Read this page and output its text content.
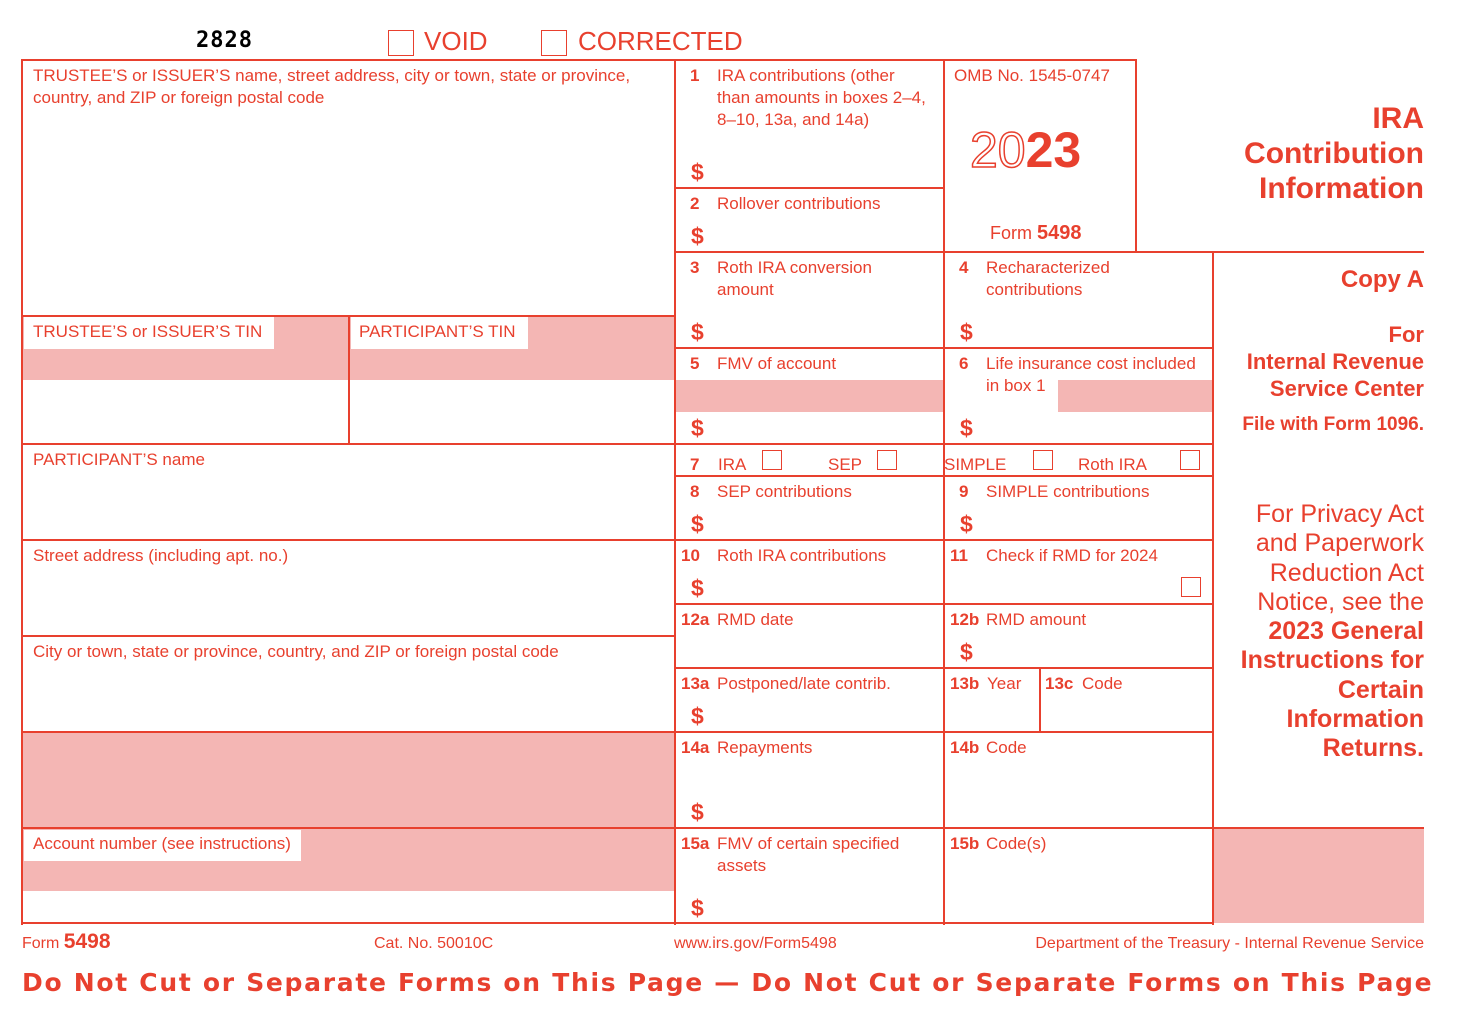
2828	VOID	CORRECTED
TRUSTEE’S or ISSUER’S name, street address, city or town, state or province, country, and ZIP or foreign postal code
TRUSTEE’S or ISSUER’S TIN	PARTICIPANT’S TIN
PARTICIPANT’S name
Street address (including apt. no.)
City or town, state or province, country, and ZIP or foreign postal code
Account number (see instructions)
1 IRA contributions (other than amounts in boxes 2–4, 8–10, 13a, and 14a)
$
2 Rollover contributions
$
OMB No. 1545-0747
2023
Form 5498
IRA
Contribution
Information
Copy A
For
Internal Revenue
Service Center
File with Form 1096.
For Privacy Act
and Paperwork
Reduction Act
Notice, see the
2023 General
Instructions for
Certain
Information
Returns.
3 Roth IRA conversion amount
$
4 Recharacterized contributions
$
5 FMV of account
$
6 Life insurance cost included in box 1
$
7 IRA	SEP	SIMPLE	Roth IRA
8 SEP contributions
$
9 SIMPLE contributions
$
10 Roth IRA contributions
$
11 Check if RMD for 2024
12a RMD date	12b RMD amount
$
13a Postponed/late contrib.
$
13b Year 13c Code
14a Repayments
$
14b Code
15a FMV of certain specified assets
$
15b Code(s)
Form 5498	Cat. No. 50010C	www.irs.gov/Form5498	Department of the Treasury - Internal Revenue Service
Do Not Cut or Separate Forms on This Page — Do Not Cut or Separate Forms on This Page
